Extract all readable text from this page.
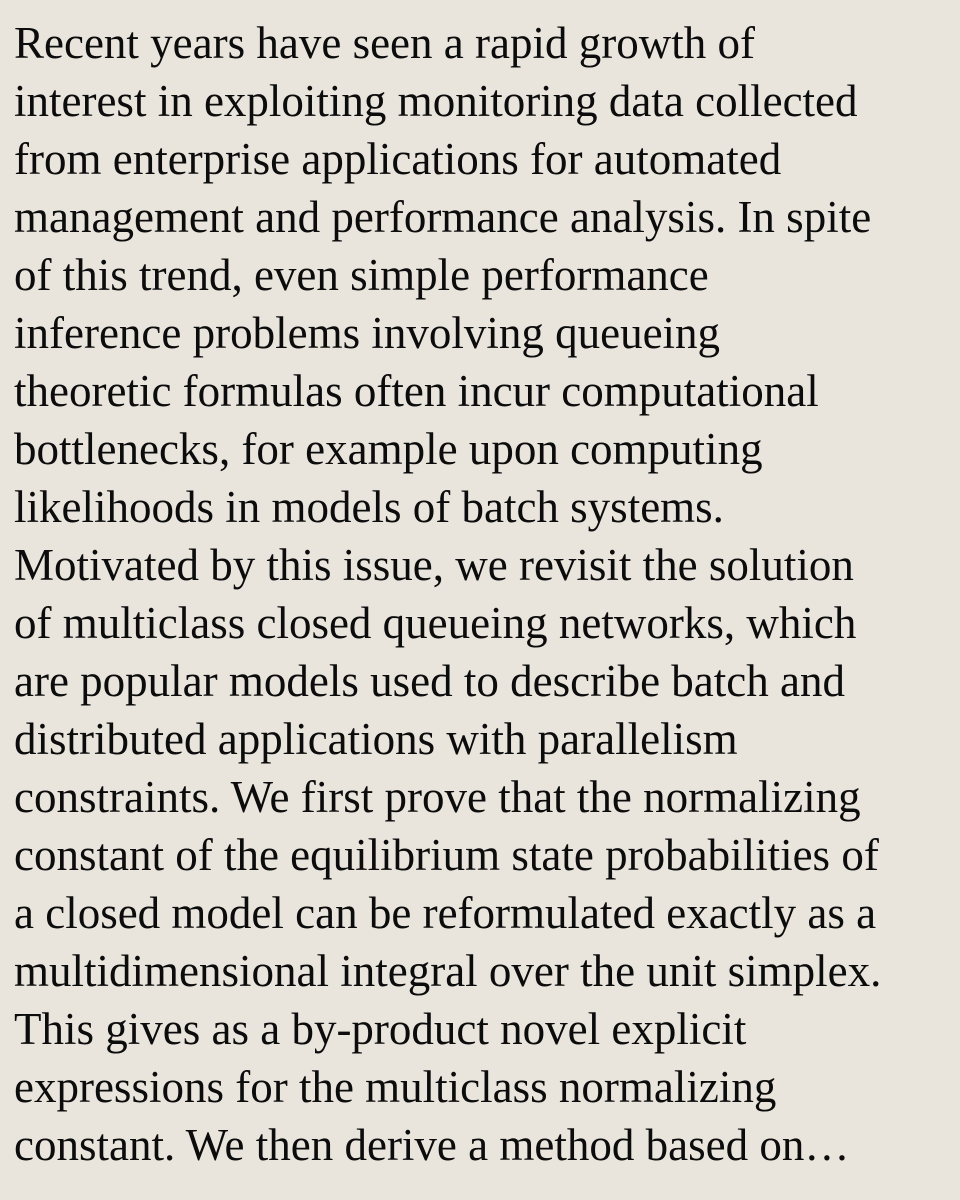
Recent years have seen a rapid growth of
interest in exploiting monitoring data collected
from enterprise applications for automated
management and performance analysis. In spite
of this trend, even simple performance
inference problems involving queueing
theoretic formulas often incur computational
bottlenecks, for example upon computing
likelihoods in models of batch systems.
Motivated by this issue, we revisit the solution
of multiclass closed queueing networks, which
are popular models used to describe batch and
distributed applications with parallelism
constraints. We first prove that the normalizing
constant of the equilibrium state probabilities of
a closed model can be reformulated exactly as a
multidimensional integral over the unit simplex.
This gives as a by-product novel explicit
expressions for the multiclass normalizing
constant. We then derive a method based on…
